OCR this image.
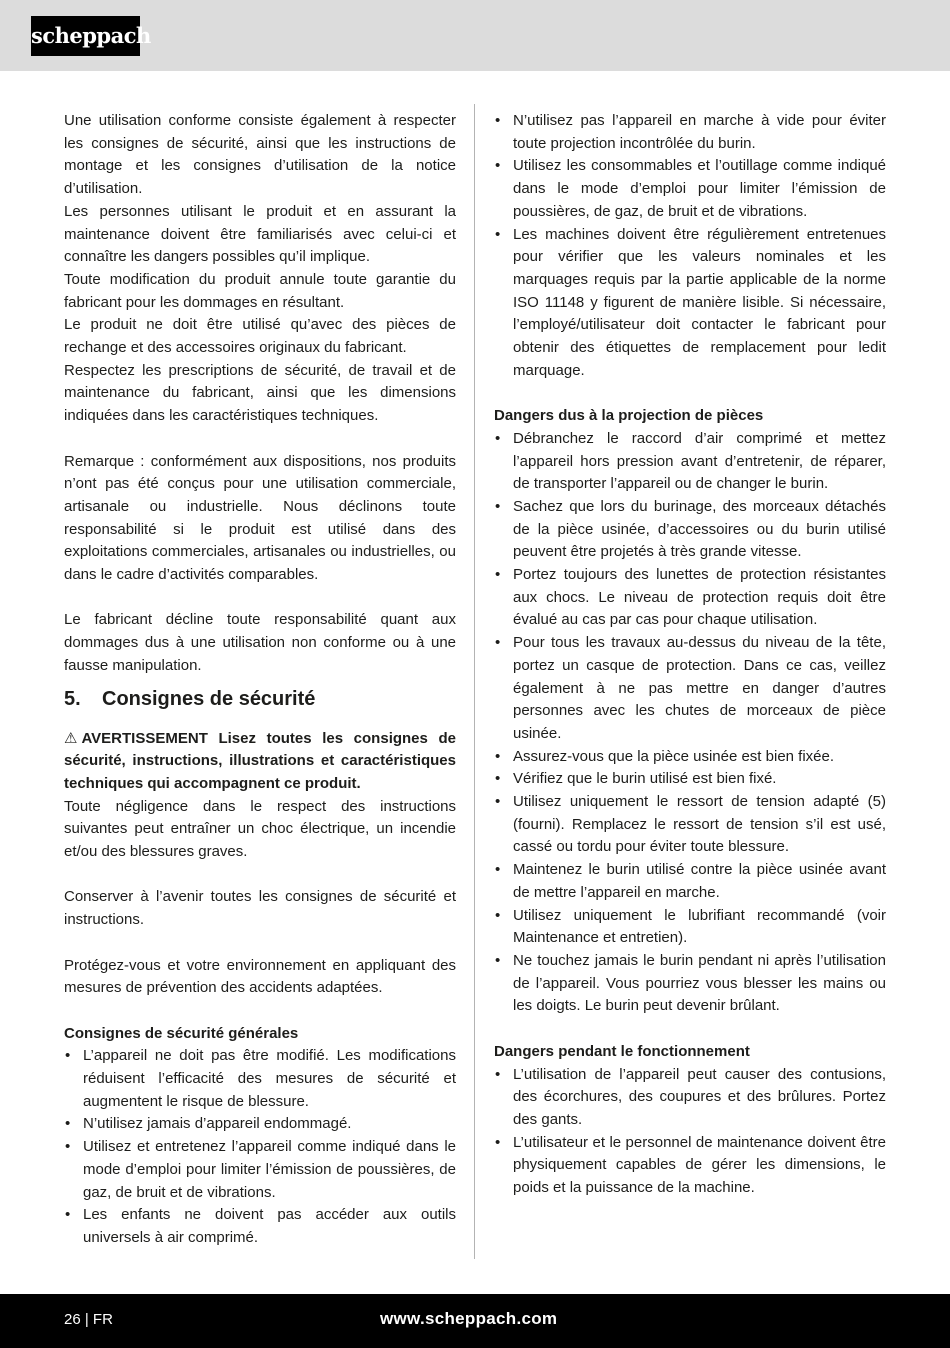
scheppach

Une utilisation conforme consiste également à respecter les consignes de sécurité, ainsi que les instructions de montage et les consignes d’utilisation de la notice d’utilisation.

Les personnes utilisant le produit et en assurant la maintenance doivent être familiarisés avec celui-ci et connaître les dangers possibles qu’il implique.

Toute modification du produit annule toute garantie du fabricant pour les dommages en résultant.

Le produit ne doit être utilisé qu’avec des pièces de rechange et des accessoires originaux du fabricant.

Respectez les prescriptions de sécurité, de travail et de maintenance du fabricant, ainsi que les dimensions indiquées dans les caractéristiques techniques.

Remarque : conformément aux dispositions, nos produits n’ont pas été conçus pour une utilisation commerciale, artisanale ou industrielle. Nous déclinons toute responsabilité si le produit est utilisé dans des exploitations commerciales, artisanales ou industrielles, ou dans le cadre d’activités comparables.

Le fabricant décline toute responsabilité quant aux dommages dus à une utilisation non conforme ou à une fausse manipulation.

5. Consignes de sécurité

⚠ AVERTISSEMENT Lisez toutes les consignes de sécurité, instructions, illustrations et caractéristiques techniques qui accompagnent ce produit.

Toute négligence dans le respect des instructions suivantes peut entraîner un choc électrique, un incendie et/ou des blessures graves.

Conserver à l’avenir toutes les consignes de sécurité et instructions.

Protégez-vous et votre environnement en appliquant des mesures de prévention des accidents adaptées.

Consignes de sécurité générales

• L’appareil ne doit pas être modifié. Les modifications réduisent l’efficacité des mesures de sécurité et augmentent le risque de blessure.
• N’utilisez jamais d’appareil endommagé.
• Utilisez et entretenez l’appareil comme indiqué dans le mode d’emploi pour limiter l’émission de poussières, de gaz, de bruit et de vibrations.
• Les enfants ne doivent pas accéder aux outils universels à air comprimé.
• N’utilisez pas l’appareil en marche à vide pour éviter toute projection incontrôlée du burin.
• Utilisez les consommables et l’outillage comme indiqué dans le mode d’emploi pour limiter l’émission de poussières, de gaz, de bruit et de vibrations.
• Les machines doivent être régulièrement entretenues pour vérifier que les valeurs nominales et les marquages requis par la partie applicable de la norme ISO 11148 y figurent de manière lisible. Si nécessaire, l’employé/utilisateur doit contacter le fabricant pour obtenir des étiquettes de remplacement pour ledit marquage.

Dangers dus à la projection de pièces

• Débranchez le raccord d’air comprimé et mettez l’appareil hors pression avant d’entretenir, de réparer, de transporter l’appareil ou de changer le burin.
• Sachez que lors du burinage, des morceaux détachés de la pièce usinée, d’accessoires ou du burin utilisé peuvent être projetés à très grande vitesse.
• Portez toujours des lunettes de protection résistantes aux chocs. Le niveau de protection requis doit être évalué au cas par cas pour chaque utilisation.
• Pour tous les travaux au-dessus du niveau de la tête, portez un casque de protection. Dans ce cas, veillez également à ne pas mettre en danger d’autres personnes avec les chutes de morceaux de pièce usinée.
• Assurez-vous que la pièce usinée est bien fixée.
• Vérifiez que le burin utilisé est bien fixé.
• Utilisez uniquement le ressort de tension adapté (5) (fourni). Remplacez le ressort de tension s’il est usé, cassé ou tordu pour éviter toute blessure.
• Maintenez le burin utilisé contre la pièce usinée avant de mettre l’appareil en marche.
• Utilisez uniquement le lubrifiant recommandé (voir Maintenance et entretien).
• Ne touchez jamais le burin pendant ni après l’utilisation de l’appareil. Vous pourriez vous blesser les mains ou les doigts. Le burin peut devenir brûlant.

Dangers pendant le fonctionnement

• L’utilisation de l’appareil peut causer des contusions, des écorchures, des coupures et des brûlures. Portez des gants.
• L’utilisateur et le personnel de maintenance doivent être physiquement capables de gérer les dimensions, le poids et la puissance de la machine.
26 | FR	www.scheppach.com
